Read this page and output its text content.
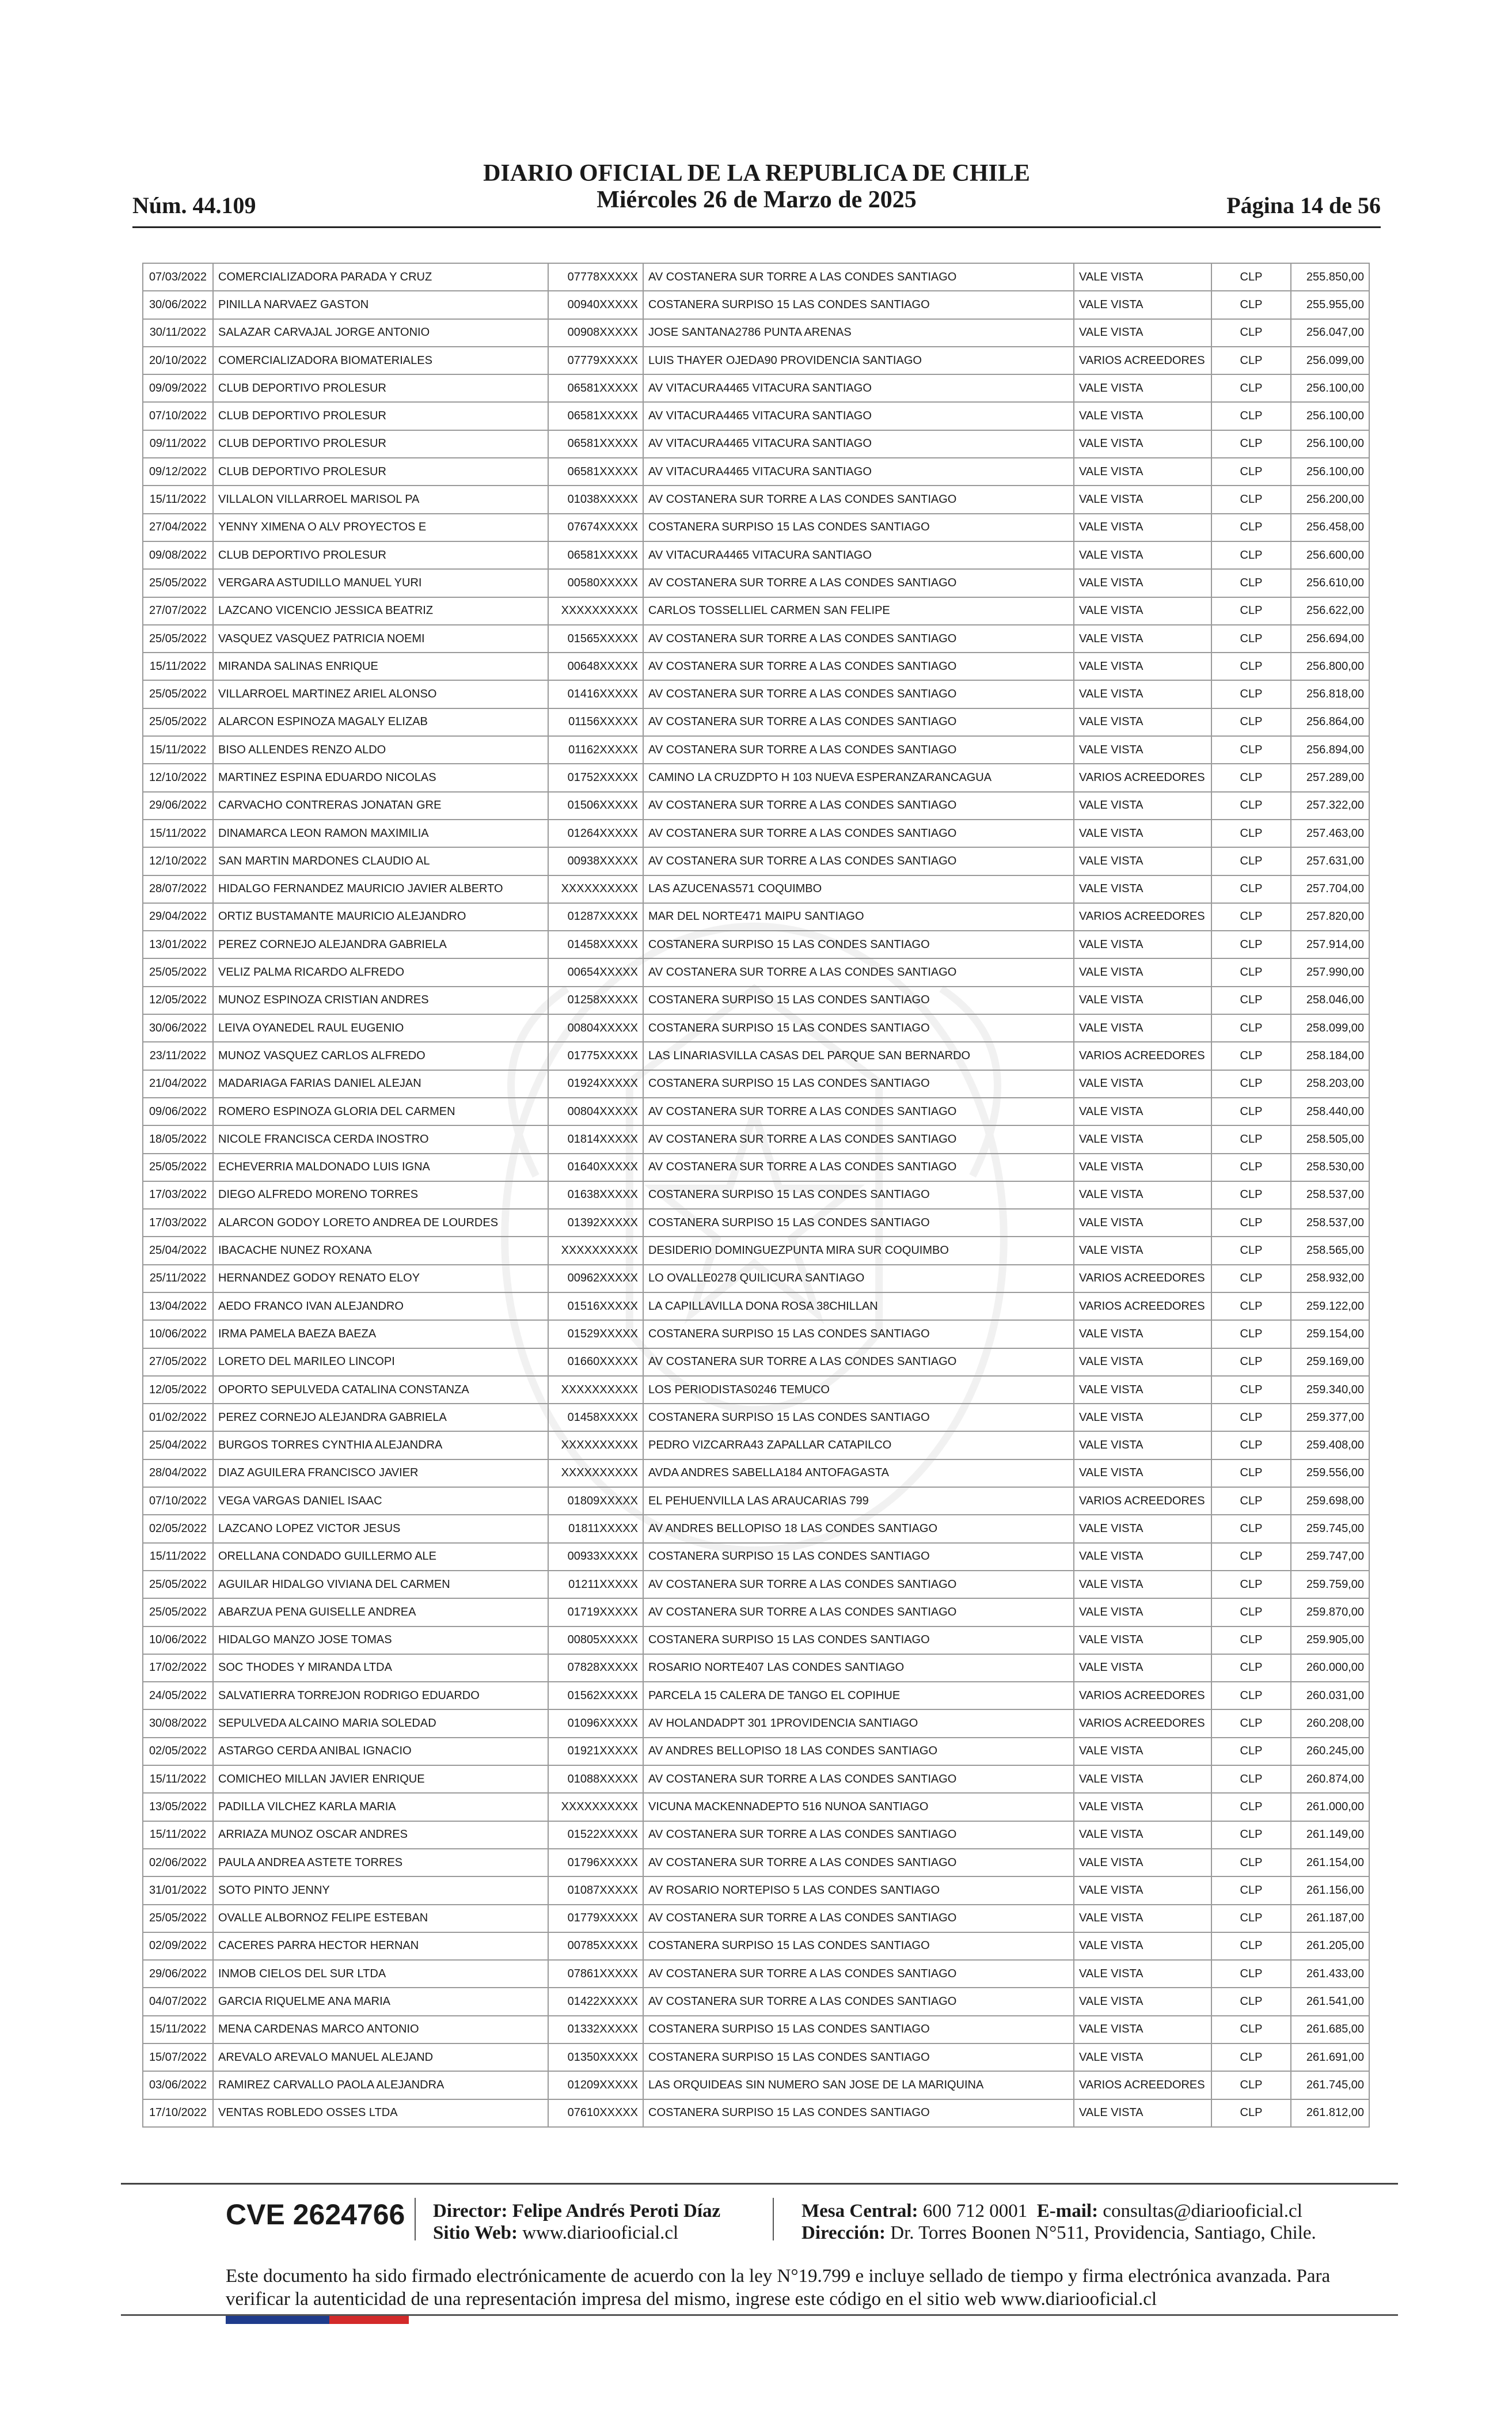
Núm. 44.109
DIARIO OFICIAL DE LA REPUBLICA DE CHILE
Miércoles 26 de Marzo de 2025	Página 14 de 56
07/03/2022	COMERCIALIZADORA PARADA Y CRUZ	07778XXXXX	AV COSTANERA SUR TORRE A LAS CONDES SANTIAGO	VALE VISTA	CLP	255.850,00
30/06/2022	PINILLA NARVAEZ GASTON	00940XXXXX	COSTANERA SURPISO 15 LAS CONDES SANTIAGO	VALE VISTA	CLP	255.955,00
30/11/2022	SALAZAR CARVAJAL JORGE ANTONIO	00908XXXXX	JOSE SANTANA2786 PUNTA ARENAS	VALE VISTA	CLP	256.047,00
20/10/2022	COMERCIALIZADORA BIOMATERIALES	07779XXXXX	LUIS THAYER OJEDA90 PROVIDENCIA SANTIAGO	VARIOS ACREEDORES	CLP	256.099,00
09/09/2022	CLUB DEPORTIVO PROLESUR	06581XXXXX	AV VITACURA4465 VITACURA SANTIAGO	VALE VISTA	CLP	256.100,00
07/10/2022	CLUB DEPORTIVO PROLESUR	06581XXXXX	AV VITACURA4465 VITACURA SANTIAGO	VALE VISTA	CLP	256.100,00
09/11/2022	CLUB DEPORTIVO PROLESUR	06581XXXXX	AV VITACURA4465 VITACURA SANTIAGO	VALE VISTA	CLP	256.100,00
09/12/2022	CLUB DEPORTIVO PROLESUR	06581XXXXX	AV VITACURA4465 VITACURA SANTIAGO	VALE VISTA	CLP	256.100,00
15/11/2022	VILLALON VILLARROEL MARISOL PA	01038XXXXX	AV COSTANERA SUR TORRE A LAS CONDES SANTIAGO	VALE VISTA	CLP	256.200,00
27/04/2022	YENNY XIMENA O ALV PROYECTOS E	07674XXXXX	COSTANERA SURPISO 15 LAS CONDES SANTIAGO	VALE VISTA	CLP	256.458,00
09/08/2022	CLUB DEPORTIVO PROLESUR	06581XXXXX	AV VITACURA4465 VITACURA SANTIAGO	VALE VISTA	CLP	256.600,00
25/05/2022	VERGARA ASTUDILLO MANUEL YURI	00580XXXXX	AV COSTANERA SUR TORRE A LAS CONDES SANTIAGO	VALE VISTA	CLP	256.610,00
27/07/2022	LAZCANO VICENCIO JESSICA BEATRIZ	XXXXXXXXXX	CARLOS TOSSELLIEL CARMEN SAN FELIPE	VALE VISTA	CLP	256.622,00
25/05/2022	VASQUEZ VASQUEZ PATRICIA NOEMI	01565XXXXX	AV COSTANERA SUR TORRE A LAS CONDES SANTIAGO	VALE VISTA	CLP	256.694,00
15/11/2022	MIRANDA SALINAS ENRIQUE	00648XXXXX	AV COSTANERA SUR TORRE A LAS CONDES SANTIAGO	VALE VISTA	CLP	256.800,00
25/05/2022	VILLARROEL MARTINEZ ARIEL ALONSO	01416XXXXX	AV COSTANERA SUR TORRE A LAS CONDES SANTIAGO	VALE VISTA	CLP	256.818,00
25/05/2022	ALARCON ESPINOZA MAGALY ELIZAB	01156XXXXX	AV COSTANERA SUR TORRE A LAS CONDES SANTIAGO	VALE VISTA	CLP	256.864,00
15/11/2022	BISO ALLENDES RENZO ALDO	01162XXXXX	AV COSTANERA SUR TORRE A LAS CONDES SANTIAGO	VALE VISTA	CLP	256.894,00
12/10/2022	MARTINEZ ESPINA EDUARDO NICOLAS	01752XXXXX	CAMINO LA CRUZDPTO H 103 NUEVA ESPERANZARANCAGUA	VARIOS ACREEDORES	CLP	257.289,00
29/06/2022	CARVACHO CONTRERAS JONATAN GRE	01506XXXXX	AV COSTANERA SUR TORRE A LAS CONDES SANTIAGO	VALE VISTA	CLP	257.322,00
15/11/2022	DINAMARCA LEON RAMON MAXIMILIA	01264XXXXX	AV COSTANERA SUR TORRE A LAS CONDES SANTIAGO	VALE VISTA	CLP	257.463,00
12/10/2022	SAN MARTIN MARDONES CLAUDIO AL	00938XXXXX	AV COSTANERA SUR TORRE A LAS CONDES SANTIAGO	VALE VISTA	CLP	257.631,00
28/07/2022	HIDALGO FERNANDEZ MAURICIO JAVIER ALBERTO	XXXXXXXXXX	LAS AZUCENAS571 COQUIMBO	VALE VISTA	CLP	257.704,00
29/04/2022	ORTIZ BUSTAMANTE MAURICIO ALEJANDRO	01287XXXXX	MAR DEL NORTE471 MAIPU SANTIAGO	VARIOS ACREEDORES	CLP	257.820,00
13/01/2022	PEREZ CORNEJO ALEJANDRA GABRIELA	01458XXXXX	COSTANERA SURPISO 15 LAS CONDES SANTIAGO	VALE VISTA	CLP	257.914,00
25/05/2022	VELIZ PALMA RICARDO ALFREDO	00654XXXXX	AV COSTANERA SUR TORRE A LAS CONDES SANTIAGO	VALE VISTA	CLP	257.990,00
12/05/2022	MUNOZ ESPINOZA CRISTIAN ANDRES	01258XXXXX	COSTANERA SURPISO 15 LAS CONDES SANTIAGO	VALE VISTA	CLP	258.046,00
30/06/2022	LEIVA OYANEDEL RAUL EUGENIO	00804XXXXX	COSTANERA SURPISO 15 LAS CONDES SANTIAGO	VALE VISTA	CLP	258.099,00
23/11/2022	MUNOZ VASQUEZ CARLOS ALFREDO	01775XXXXX	LAS LINARIASVILLA CASAS DEL PARQUE SAN BERNARDO	VARIOS ACREEDORES	CLP	258.184,00
21/04/2022	MADARIAGA FARIAS DANIEL ALEJAN	01924XXXXX	COSTANERA SURPISO 15 LAS CONDES SANTIAGO	VALE VISTA	CLP	258.203,00
09/06/2022	ROMERO ESPINOZA GLORIA DEL CARMEN	00804XXXXX	AV COSTANERA SUR TORRE A LAS CONDES SANTIAGO	VALE VISTA	CLP	258.440,00
18/05/2022	NICOLE FRANCISCA CERDA INOSTRO	01814XXXXX	AV COSTANERA SUR TORRE A LAS CONDES SANTIAGO	VALE VISTA	CLP	258.505,00
25/05/2022	ECHEVERRIA MALDONADO LUIS IGNA	01640XXXXX	AV COSTANERA SUR TORRE A LAS CONDES SANTIAGO	VALE VISTA	CLP	258.530,00
17/03/2022	DIEGO ALFREDO MORENO TORRES	01638XXXXX	COSTANERA SURPISO 15 LAS CONDES SANTIAGO	VALE VISTA	CLP	258.537,00
17/03/2022	ALARCON GODOY LORETO ANDREA DE LOURDES	01392XXXXX	COSTANERA SURPISO 15 LAS CONDES SANTIAGO	VALE VISTA	CLP	258.537,00
25/04/2022	IBACACHE NUNEZ ROXANA	XXXXXXXXXX	DESIDERIO DOMINGUEZPUNTA MIRA SUR COQUIMBO	VALE VISTA	CLP	258.565,00
25/11/2022	HERNANDEZ GODOY RENATO ELOY	00962XXXXX	LO OVALLE0278 QUILICURA SANTIAGO	VARIOS ACREEDORES	CLP	258.932,00
13/04/2022	AEDO FRANCO IVAN ALEJANDRO	01516XXXXX	LA CAPILLAVILLA DONA ROSA 38CHILLAN	VARIOS ACREEDORES	CLP	259.122,00
10/06/2022	IRMA PAMELA BAEZA BAEZA	01529XXXXX	COSTANERA SURPISO 15 LAS CONDES SANTIAGO	VALE VISTA	CLP	259.154,00
27/05/2022	LORETO DEL MARILEO LINCOPI	01660XXXXX	AV COSTANERA SUR TORRE A LAS CONDES SANTIAGO	VALE VISTA	CLP	259.169,00
12/05/2022	OPORTO SEPULVEDA CATALINA CONSTANZA	XXXXXXXXXX	LOS PERIODISTAS0246 TEMUCO	VALE VISTA	CLP	259.340,00
01/02/2022	PEREZ CORNEJO ALEJANDRA GABRIELA	01458XXXXX	COSTANERA SURPISO 15 LAS CONDES SANTIAGO	VALE VISTA	CLP	259.377,00
25/04/2022	BURGOS TORRES CYNTHIA ALEJANDRA	XXXXXXXXXX	PEDRO VIZCARRA43 ZAPALLAR CATAPILCO	VALE VISTA	CLP	259.408,00
28/04/2022	DIAZ AGUILERA FRANCISCO JAVIER	XXXXXXXXXX	AVDA ANDRES SABELLA184 ANTOFAGASTA	VALE VISTA	CLP	259.556,00
07/10/2022	VEGA VARGAS DANIEL ISAAC	01809XXXXX	EL PEHUENVILLA LAS ARAUCARIAS 799	VARIOS ACREEDORES	CLP	259.698,00
02/05/2022	LAZCANO LOPEZ VICTOR JESUS	01811XXXXX	AV ANDRES BELLOPISO 18 LAS CONDES SANTIAGO	VALE VISTA	CLP	259.745,00
15/11/2022	ORELLANA CONDADO GUILLERMO ALE	00933XXXXX	COSTANERA SURPISO 15 LAS CONDES SANTIAGO	VALE VISTA	CLP	259.747,00
25/05/2022	AGUILAR HIDALGO VIVIANA DEL CARMEN	01211XXXXX	AV COSTANERA SUR TORRE A LAS CONDES SANTIAGO	VALE VISTA	CLP	259.759,00
25/05/2022	ABARZUA PENA GUISELLE ANDREA	01719XXXXX	AV COSTANERA SUR TORRE A LAS CONDES SANTIAGO	VALE VISTA	CLP	259.870,00
10/06/2022	HIDALGO MANZO JOSE TOMAS	00805XXXXX	COSTANERA SURPISO 15 LAS CONDES SANTIAGO	VALE VISTA	CLP	259.905,00
17/02/2022	SOC THODES Y MIRANDA LTDA	07828XXXXX	ROSARIO NORTE407 LAS CONDES SANTIAGO	VALE VISTA	CLP	260.000,00
24/05/2022	SALVATIERRA TORREJON RODRIGO EDUARDO	01562XXXXX	PARCELA 15 CALERA DE TANGO EL COPIHUE	VARIOS ACREEDORES	CLP	260.031,00
30/08/2022	SEPULVEDA ALCAINO MARIA SOLEDAD	01096XXXXX	AV HOLANDADPT 301 1PROVIDENCIA SANTIAGO	VARIOS ACREEDORES	CLP	260.208,00
02/05/2022	ASTARGO CERDA ANIBAL IGNACIO	01921XXXXX	AV ANDRES BELLOPISO 18 LAS CONDES SANTIAGO	VALE VISTA	CLP	260.245,00
15/11/2022	COMICHEO MILLAN JAVIER ENRIQUE	01088XXXXX	AV COSTANERA SUR TORRE A LAS CONDES SANTIAGO	VALE VISTA	CLP	260.874,00
13/05/2022	PADILLA VILCHEZ KARLA MARIA	XXXXXXXXXX	VICUNA MACKENNADEPTO 516 NUNOA SANTIAGO	VALE VISTA	CLP	261.000,00
15/11/2022	ARRIAZA MUNOZ OSCAR ANDRES	01522XXXXX	AV COSTANERA SUR TORRE A LAS CONDES SANTIAGO	VALE VISTA	CLP	261.149,00
02/06/2022	PAULA ANDREA ASTETE TORRES	01796XXXXX	AV COSTANERA SUR TORRE A LAS CONDES SANTIAGO	VALE VISTA	CLP	261.154,00
31/01/2022	SOTO PINTO JENNY	01087XXXXX	AV ROSARIO NORTEPISO 5 LAS CONDES SANTIAGO	VALE VISTA	CLP	261.156,00
25/05/2022	OVALLE ALBORNOZ FELIPE ESTEBAN	01779XXXXX	AV COSTANERA SUR TORRE A LAS CONDES SANTIAGO	VALE VISTA	CLP	261.187,00
02/09/2022	CACERES PARRA HECTOR HERNAN	00785XXXXX	COSTANERA SURPISO 15 LAS CONDES SANTIAGO	VALE VISTA	CLP	261.205,00
29/06/2022	INMOB CIELOS DEL SUR LTDA	07861XXXXX	AV COSTANERA SUR TORRE A LAS CONDES SANTIAGO	VALE VISTA	CLP	261.433,00
04/07/2022	GARCIA RIQUELME ANA MARIA	01422XXXXX	AV COSTANERA SUR TORRE A LAS CONDES SANTIAGO	VALE VISTA	CLP	261.541,00
15/11/2022	MENA CARDENAS MARCO ANTONIO	01332XXXXX	COSTANERA SURPISO 15 LAS CONDES SANTIAGO	VALE VISTA	CLP	261.685,00
15/07/2022	AREVALO AREVALO MANUEL ALEJAND	01350XXXXX	COSTANERA SURPISO 15 LAS CONDES SANTIAGO	VALE VISTA	CLP	261.691,00
03/06/2022	RAMIREZ CARVALLO PAOLA ALEJANDRA	01209XXXXX	LAS ORQUIDEAS SIN NUMERO SAN JOSE DE LA MARIQUINA	VARIOS ACREEDORES	CLP	261.745,00
17/10/2022	VENTAS ROBLEDO OSSES LTDA	07610XXXXX	COSTANERA SURPISO 15 LAS CONDES SANTIAGO	VALE VISTA	CLP	261.812,00
CVE 2624766 Director: Felipe Andrés Peroti Díaz
Sitio Web: www.diariooficial.cl
Mesa Central: 600 712 0001 E-mail: consultas@diariooficial.cl
Dirección: Dr. Torres Boonen N°511, Providencia, Santiago, Chile.
Este documento ha sido firmado electrónicamente de acuerdo con la ley N°19.799 e incluye sellado de tiempo y firma electrónica avanzada. Para verificar la autenticidad de una representación impresa del mismo, ingrese este código en el sitio web www.diariooficial.cl
